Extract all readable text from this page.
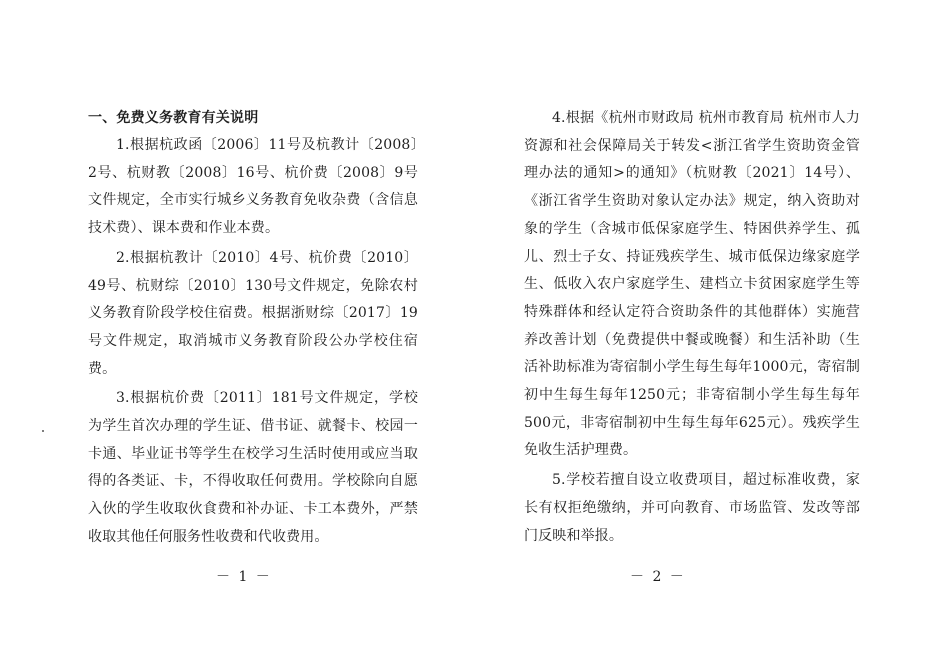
一、免费义务教育有关说明

1.根据杭政函〔2006〕11号及杭教计〔2008〕2号、杭财教〔2008〕16号、杭价费〔2008〕9号文件规定，全市实行城乡义务教育免收杂费（含信息技术费）、课本费和作业本费。

2.根据杭教计〔2010〕4号、杭价费〔2010〕49号、杭财综〔2010〕130号文件规定，免除农村义务教育阶段学校住宿费。根据浙财综〔2017〕19号文件规定，取消城市义务教育阶段公办学校住宿费。

3.根据杭价费〔2011〕181号文件规定，学校为学生首次办理的学生证、借书证、就餐卡、校园一卡通、毕业证书等学生在校学习生活时使用或应当取得的各类证、卡，不得收取任何费用。学校除向自愿入伙的学生收取伙食费和补办证、卡工本费外，严禁收取其他任何服务性收费和代收费用。

－ 1 －

4.根据《杭州市财政局 杭州市教育局 杭州市人力资源和社会保障局关于转发<浙江省学生资助资金管理办法的通知>的通知》（杭财教〔2021〕14号）、《浙江省学生资助对象认定办法》规定，纳入资助对象的学生（含城市低保家庭学生、特困供养学生、孤儿、烈士子女、持证残疾学生、城市低保边缘家庭学生、低收入农户家庭学生、建档立卡贫困家庭学生等特殊群体和经认定符合资助条件的其他群体）实施营养改善计划（免费提供中餐或晚餐）和生活补助（生活补助标准为寄宿制小学生每生每年1000元，寄宿制初中生每生每年1250元；非寄宿制小学生每生每年500元，非寄宿制初中生每生每年625元）。残疾学生免收生活护理费。

5.学校若擅自设立收费项目，超过标准收费，家长有权拒绝缴纳，并可向教育、市场监管、发改等部门反映和举报。

－ 2 －
